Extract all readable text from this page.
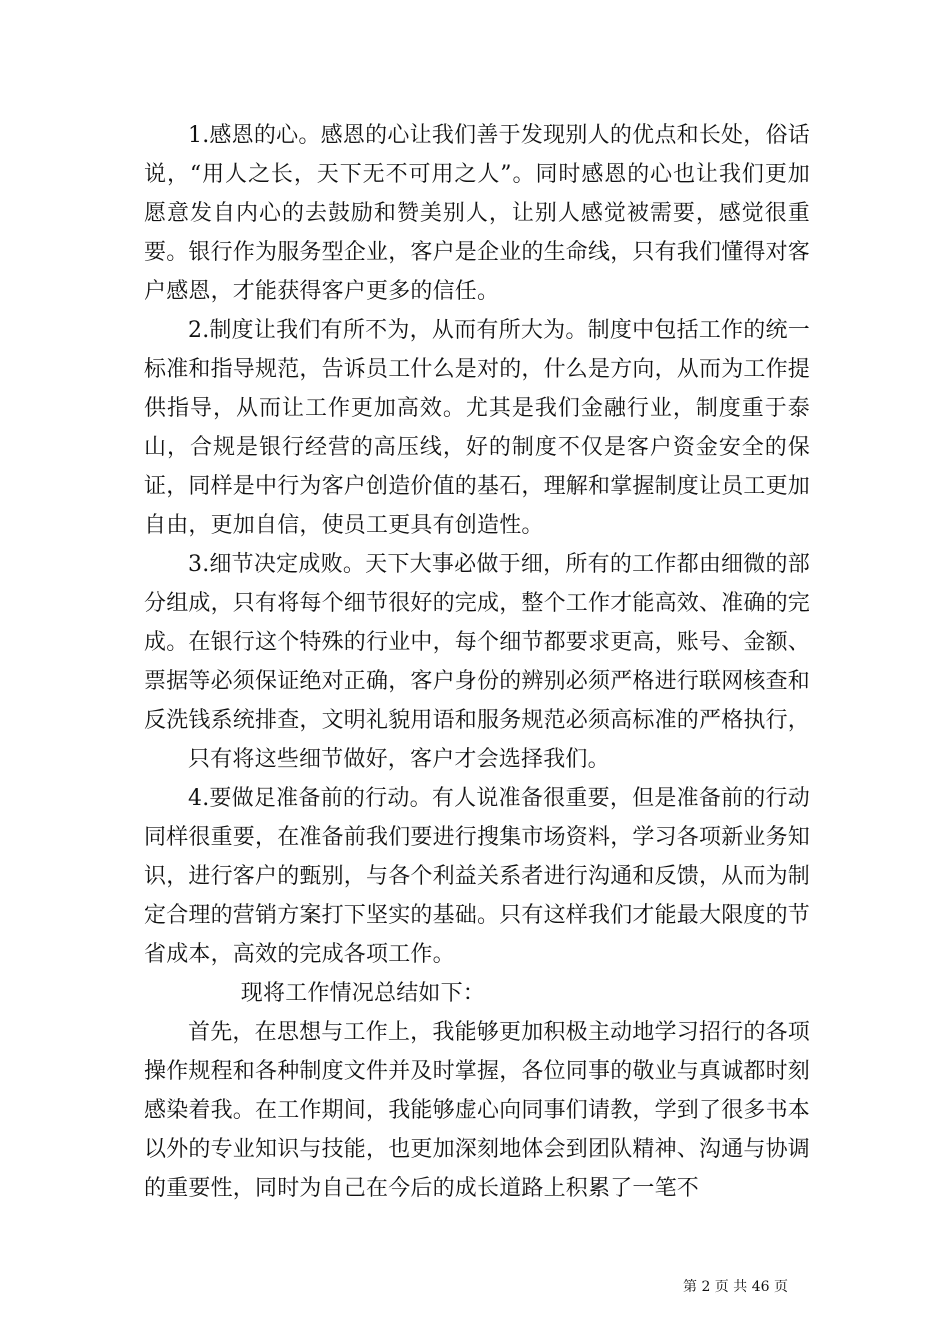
1.感恩的心。感恩的心让我们善于发现别人的优点和长处，俗话说，“用人之长，天下无不可用之人”。同时感恩的心也让我们更加愿意发自内心的去鼓励和赞美别人，让别人感觉被需要，感觉很重要。银行作为服务型企业，客户是企业的生命线，只有我们懂得对客户感恩，才能获得客户更多的信任。

2.制度让我们有所不为，从而有所大为。制度中包括工作的统一标准和指导规范，告诉员工什么是对的，什么是方向，从而为工作提供指导，从而让工作更加高效。尤其是我们金融行业，制度重于泰山，合规是银行经营的高压线，好的制度不仅是客户资金安全的保证，同样是中行为客户创造价值的基石，理解和掌握制度让员工更加自由，更加自信，使员工更具有创造性。

3.细节决定成败。天下大事必做于细，所有的工作都由细微的部分组成，只有将每个细节很好的完成，整个工作才能高效、准确的完成。在银行这个特殊的行业中，每个细节都要求更高，账号、金额、票据等必须保证绝对正确，客户身份的辨别必须严格进行联网核查和反洗钱系统排查，文明礼貌用语和服务规范必须高标准的严格执行，

只有将这些细节做好，客户才会选择我们。

4.要做足准备前的行动。有人说准备很重要，但是准备前的行动同样很重要，在准备前我们要进行搜集市场资料，学习各项新业务知识，进行客户的甄别，与各个利益关系者进行沟通和反馈，从而为制定合理的营销方案打下坚实的基础。只有这样我们才能最大限度的节省成本，高效的完成各项工作。

现将工作情况总结如下：

首先，在思想与工作上，我能够更加积极主动地学习招行的各项操作规程和各种制度文件并及时掌握，各位同事的敬业与真诚都时刻感染着我。在工作期间，我能够虚心向同事们请教，学到了很多书本以外的专业知识与技能，也更加深刻地体会到团队精神、沟通与协调的重要性，同时为自己在今后的成长道路上积累了一笔不

第 2 页 共 46 页
